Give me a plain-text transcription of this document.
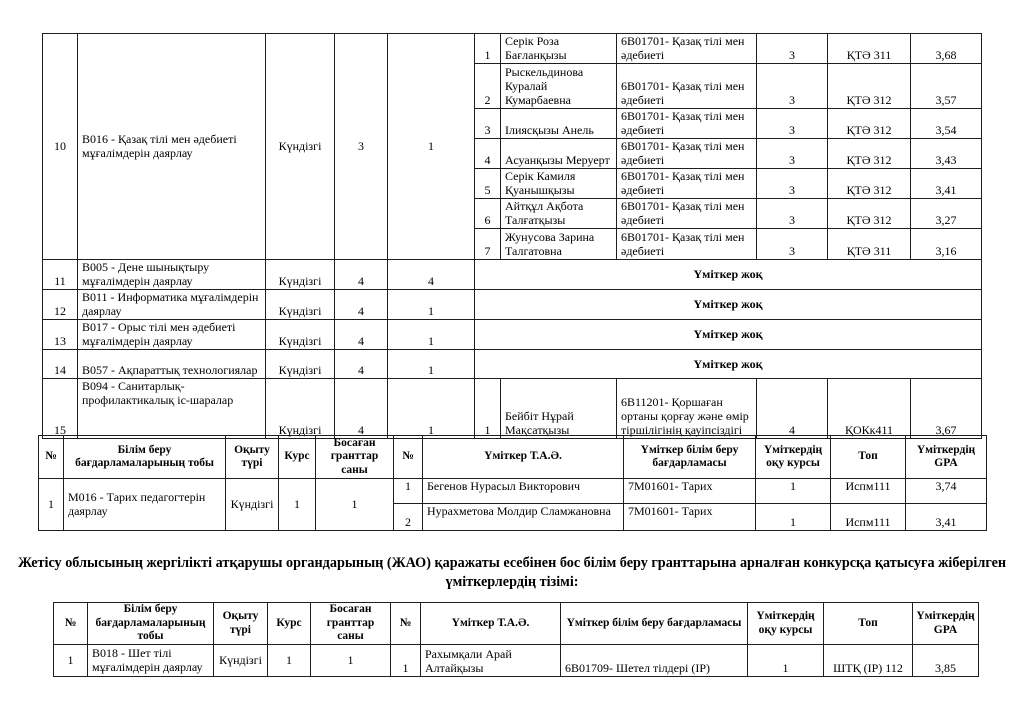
10	B016 - Қазақ тілі мен әдебиеті мұғалімдерін даярлау	Күндізгі	3	1	1	Серік Роза Бағланқызы	6B01701- Қазақ тілі мен әдебиеті	3	ҚТӘ 311	3,68
					2	Рыскельдинова Куралай Кумарбаевна	6B01701- Қазақ тілі мен әдебиеті	3	ҚТӘ 312	3,57
					3	Ілиясқызы Анель	6B01701- Қазақ тілі мен әдебиеті	3	ҚТӘ 312	3,54
					4	Асуанқызы Меруерт	6B01701- Қазақ тілі мен әдебиеті	3	ҚТӘ 312	3,43
					5	Серік Камиля Қуанышқызы	6B01701- Қазақ тілі мен әдебиеті	3	ҚТӘ 312	3,41
					6	Айтқұл Ақбота Талғатқызы	6B01701- Қазақ тілі мен әдебиеті	3	ҚТӘ 312	3,27
					7	Жунусова Зарина Талгатовна	6B01701- Қазақ тілі мен әдебиеті	3	ҚТӘ 311	3,16
11	B005 - Дене шынықтыру мұғалімдерін даярлау	Күндізгі	4	4	Үміткер жоқ					
12	B011 - Информатика мұғалімдерін даярлау	Күндізгі	4	1	Үміткер жоқ					
13	B017 - Орыс тілі мен әдебиеті мұғалімдерін даярлау	Күндізгі	4	1	Үміткер жоқ					
14	B057 - Ақпараттық технологиялар	Күндізгі	4	1	Үміткер жоқ					
15	B094 - Санитарлық-профилактикалық іс-шаралар	Күндізгі	4	1	1	Бейбіт Нұрай Мақсатқызы	6B11201- Қоршаған ортаны қорғау және өмір тіршілігінің қауіпсіздігі	4	ҚОКк411	3,67
№	Білім беру бағдарламаларының тобы	Оқыту түрі	Курс	Босаған гранттар саны	№	Үміткер Т.А.Ә.	Үміткер білім беру бағдарламасы	Үміткердің оқу курсы	Топ	Үміткердің GPA
1	М016 - Тарих педагогтерін даярлау	Күндізгі	1	1	1	Бегенов Нурасыл Викторович	7М01601- Тарих	1	Испм111	3,74
					2	Нурахметова Молдир Сламжановна	7М01601- Тарих	1	Испм111	3,41
Жетісу облысының жергілікті атқарушы органдарының (ЖАО) қаражаты есебінен бос білім беру гранттарына арналған конкурсқа қатысуға жіберілген үміткерлердің тізімі:
№	Білім беру бағдарламаларының тобы	Оқыту түрі	Курс	Босаған гранттар саны	№	Үміткер Т.А.Ә.	Үміткер білім беру бағдарламасы	Үміткердің оқу курсы	Топ	Үміткердің GPA
1	B018 - Шет тілі мұғалімдерін даярлау	Күндізгі	1	1	1	Рахымқали Арай Алтайқызы	6B01709- Шетел тілдері (IP)	1	ШТҚ (IP) 112	3,85
